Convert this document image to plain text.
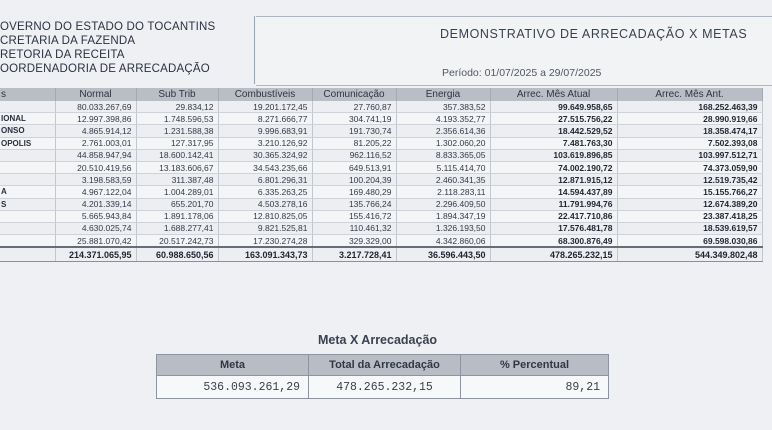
OVERNO DO ESTADO DO TOCANTINS
CRETARIA DA FAZENDA
RETORIA DA RECEITA
OORDENADORIA DE ARRECADAÇÃO
DEMONSTRATIVO DE ARRECADAÇÃO X METAS
Período: 01/07/2025 a 29/07/2025
s	Normal	Sub Trib	Combustíveis	Comunicação	Energia	Arrec. Mês Atual	Arrec. Mês Ant.
	80.033.267,69	29.834,12	19.201.172,45	27.760,87	357.383,52	99.649.958,65	168.252.463,39
IONAL	12.997.398,86	1.748.596,53	8.271.666,77	304.741,19	4.193.352,77	27.515.756,22	28.990.919,66
ONSO	4.865.914,12	1.231.588,38	9.996.683,91	191.730,74	2.356.614,36	18.442.529,52	18.358.474,17
OPOLIS	2.761.003,01	127.317,95	3.210.126,92	81.205,22	1.302.060,20	7.481.763,30	7.502.393,08
	44.858.947,94	18.600.142,41	30.365.324,92	962.116,52	8.833.365,05	103.619.896,85	103.997.512,71
	20.510.419,56	13.183.606,67	34.543.235,66	649.513,91	5.115.414,70	74.002.190,72	74.373.059,90
	3.198.583,59	311.387,48	6.801.296,31	100.204,39	2.460.341,35	12.871.915,12	12.519.735,42
A	4.967.122,04	1.004.289,01	6.335.263,25	169.480,29	2.118.283,11	14.594.437,89	15.155.766,27
S	4.201.339,14	655.201,70	4.503.278,16	135.766,24	2.296.409,50	11.791.994,76	12.674.389,20
	5.665.943,84	1.891.178,06	12.810.825,05	155.416,72	1.894.347,19	22.417.710,86	23.387.418,25
	4.630.025,74	1.688.277,41	9.821.525,81	110.461,32	1.326.193,50	17.576.481,78	18.539.619,57
	25.881.070,42	20.517.242,73	17.230.274,28	329.329,00	4.342.860,06	68.300.876,49	69.598.030,86
	214.371.065,95	60.988.650,56	163.091.343,73	3.217.728,41	36.596.443,50	478.265.232,15	544.349.802,48
Meta X Arrecadação
Meta	Total da Arrecadação	% Percentual
536.093.261,29	478.265.232,15	89,21
